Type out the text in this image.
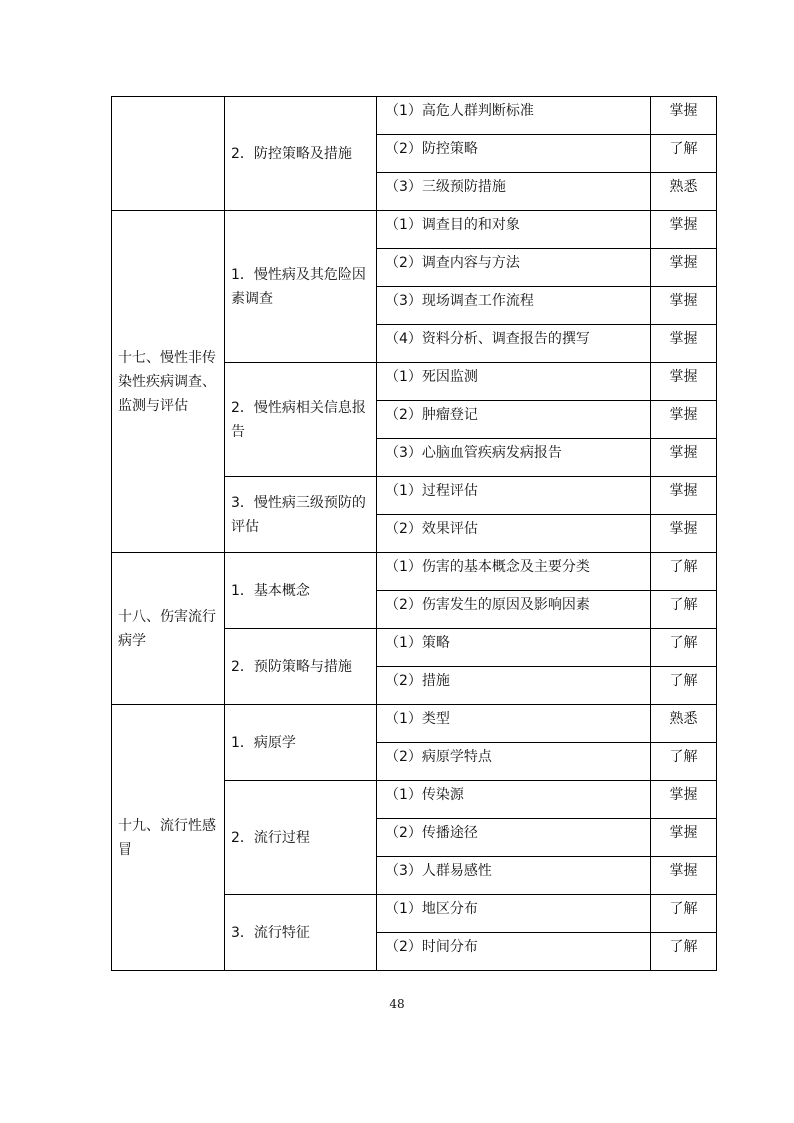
	2．防控策略及措施	（1）高危人群判断标准	掌握
		（2）防控策略	了解
		（3）三级预防措施	熟悉
十七、慢性非传染性疾病调查、监测与评估	1．慢性病及其危险因素调查	（1）调查目的和对象	掌握
		（2）调查内容与方法	掌握
		（3）现场调查工作流程	掌握
		（4）资料分析、调查报告的撰写	掌握
	2．慢性病相关信息报告	（1）死因监测	掌握
		（2）肿瘤登记	掌握
		（3）心脑血管疾病发病报告	掌握
	3．慢性病三级预防的评估	（1）过程评估	掌握
		（2）效果评估	掌握
十八、伤害流行病学	1．基本概念	（1）伤害的基本概念及主要分类	了解
		（2）伤害发生的原因及影响因素	了解
	2．预防策略与措施	（1）策略	了解
		（2）措施	了解
十九、流行性感冒	1．病原学	（1）类型	熟悉
		（2）病原学特点	了解
	2．流行过程	（1）传染源	掌握
		（2）传播途径	掌握
		（3）人群易感性	掌握
	3．流行特征	（1）地区分布	了解
		（2）时间分布	了解
48
